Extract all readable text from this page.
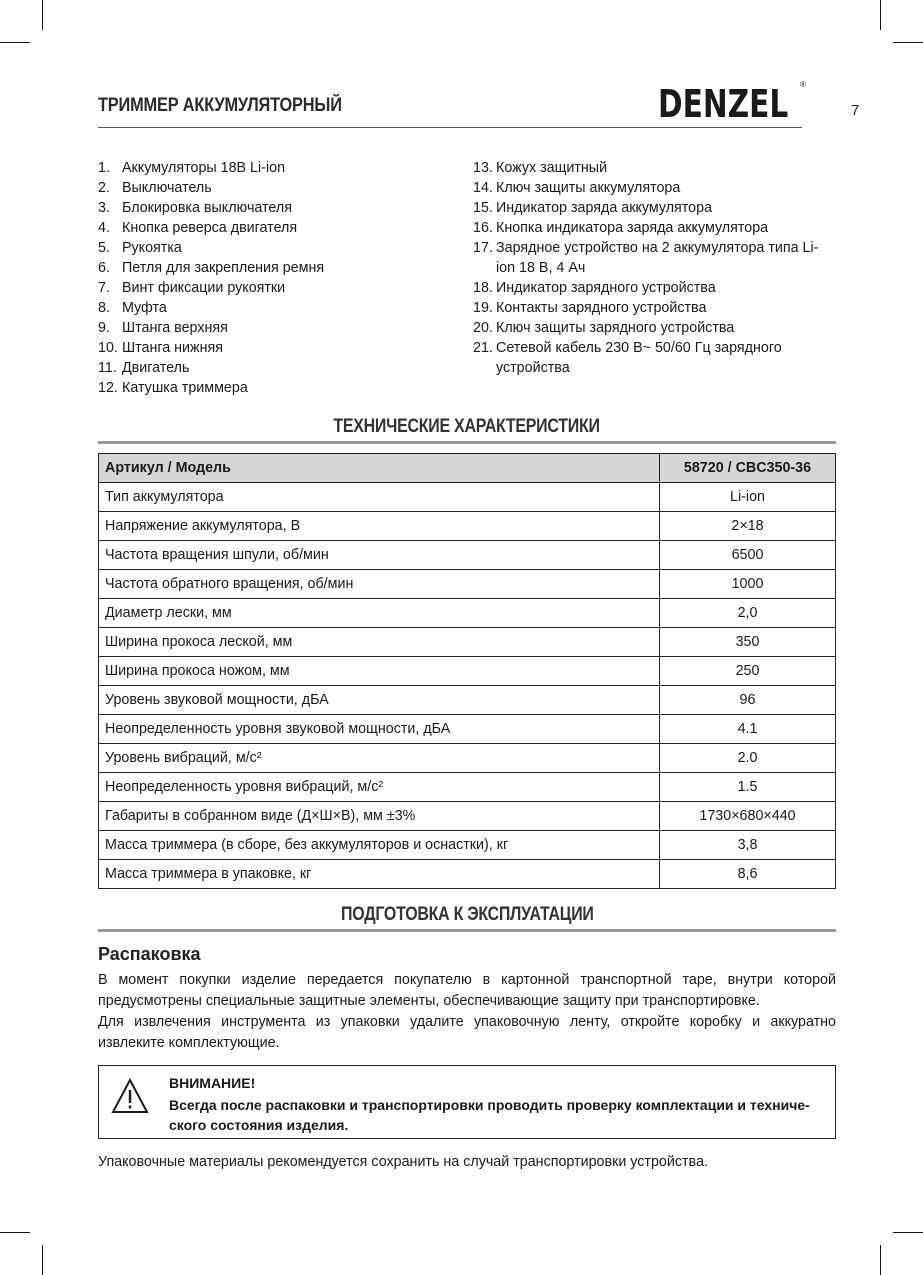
ТРИММЕР АККУМУЛЯТОРНЫЙ	DENZEL ®
7
1. Аккумуляторы 18В Li-ion
2. Выключатель
3. Блокировка выключателя
4. Кнопка реверса двигателя
5. Рукоятка
6. Петля для закрепления ремня
7. Винт фиксации рукоятки
8. Муфта
9. Штанга верхняя
10. Штанга нижняя
11. Двигатель
12. Катушка триммера
13. Кожух защитный
14. Ключ защиты аккумулятора
15. Индикатор заряда аккумулятора
16. Кнопка индикатора заряда аккумулятора
17. Зарядное устройство на 2 аккумулятора типа Li-ion 18 В, 4 Ач
18. Индикатор зарядного устройства
19. Контакты зарядного устройства
20. Ключ защиты зарядного устройства
21. Сетевой кабель 230 В~ 50/60 Гц зарядного устройства
ТЕХНИЧЕСКИЕ ХАРАКТЕРИСТИКИ
Артикул / Модель	58720 / CBC350-36
Тип аккумулятора	Li-ion
Напряжение аккумулятора, В	2×18
Частота вращения шпули, об/мин	6500
Частота обратного вращения, об/мин	1000
Диаметр лески, мм	2,0
Ширина прокоса леской, мм	350
Ширина прокоса ножом, мм	250
Уровень звуковой мощности, дБА	96
Неопределенность уровня звуковой мощности, дБА	4.1
Уровень вибраций, м/с²	2.0
Неопределенность уровня вибраций, м/с²	1.5
Габариты в собранном виде (Д×Ш×В), мм ±3%	1730×680×440
Масса триммера (в сборе, без аккумуляторов и оснастки), кг	3,8
Масса триммера в упаковке, кг	8,6
ПОДГОТОВКА К ЭКСПЛУАТАЦИИ
Распаковка
В момент покупки изделие передается покупателю в картонной транспортной таре, внутри которой предусмотрены специальные защитные элементы, обеспечивающие защиту при транспортировке.
Для извлечения инструмента из упаковки удалите упаковочную ленту, откройте коробку и аккуратно извлеките комплектующие.
ВНИМАНИЕ!
Всегда после распаковки и транспортировки проводить проверку комплектации и технического состояния изделия.
Упаковочные материалы рекомендуется сохранить на случай транспортировки устройства.
